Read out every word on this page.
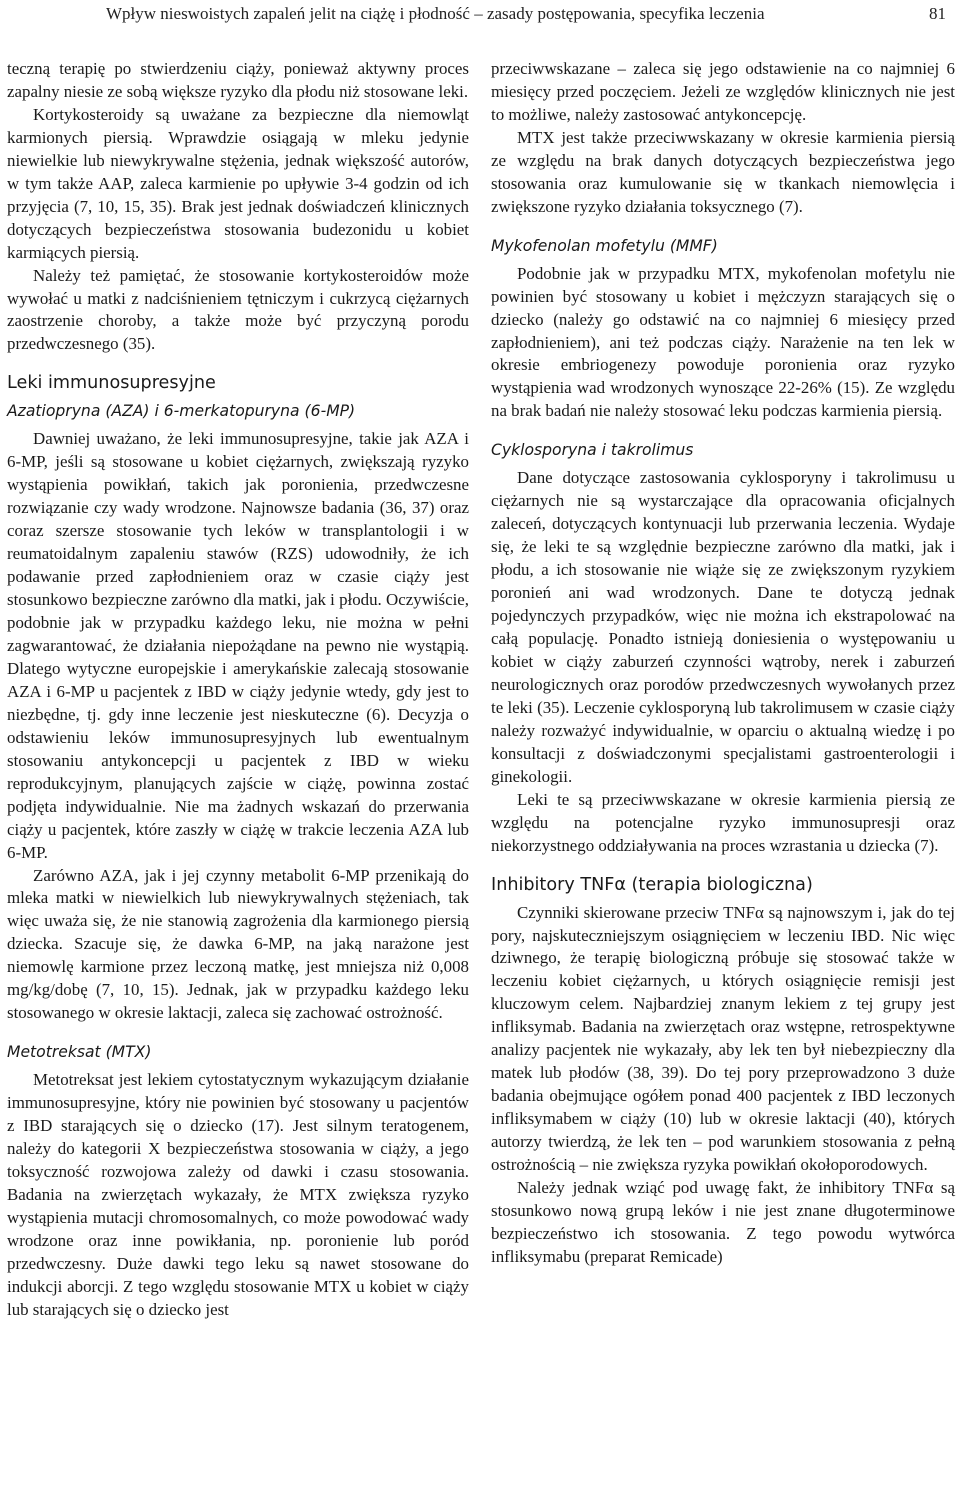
Wpływ nieswoistych zapaleń jelit na ciążę i płodność – zasady postępowania, specyfika leczenia	81

teczną terapię po stwierdzeniu ciąży, ponieważ aktywny proces zapalny niesie ze sobą większe ryzyko dla płodu niż stosowane leki.

Kortykosteroidy są uważane za bezpieczne dla niemowląt karmionych piersią. Wprawdzie osiągają w mleku jedynie niewielkie lub niewykrywalne stężenia, jednak większość autorów, w tym także AAP, zaleca karmienie po upływie 3-4 godzin od ich przyjęcia (7, 10, 15, 35). Brak jest jednak doświadczeń klinicznych dotyczących bezpieczeństwa stosowania budezonidu u kobiet karmiących piersią.

Należy też pamiętać, że stosowanie kortykosteroidów może wywołać u matki z nadciśnieniem tętniczym i cukrzycą ciężarnych zaostrzenie choroby, a także może być przyczyną porodu przedwczesnego (35).

Leki immunosupresyjne
Azatiopryna (AZA) i 6-merkatopuryna (6-MP)

Dawniej uważano, że leki immunosupresyjne, takie jak AZA i 6-MP, jeśli są stosowane u kobiet ciężarnych, zwiększają ryzyko wystąpienia powikłań, takich jak poronienia, przedwczesne rozwiązanie czy wady wrodzone. Najnowsze badania (36, 37) oraz coraz szersze stosowanie tych leków w transplantologii i w reumatoidalnym zapaleniu stawów (RZS) udowodniły, że ich podawanie przed zapłodnieniem oraz w czasie ciąży jest stosunkowo bezpieczne zarówno dla matki, jak i płodu. Oczywiście, podobnie jak w przypadku każdego leku, nie można w pełni zagwarantować, że działania niepożądane na pewno nie wystąpią. Dlatego wytyczne europejskie i amerykańskie zalecają stosowanie AZA i 6-MP u pacjentek z IBD w ciąży jedynie wtedy, gdy jest to niezbędne, tj. gdy inne leczenie jest nieskuteczne (6). Decyzja o odstawieniu leków immunosupresyjnych lub ewentualnym stosowaniu antykoncepcji u pacjentek z IBD w wieku reprodukcyjnym, planujących zajście w ciążę, powinna zostać podjęta indywidualnie. Nie ma żadnych wskazań do przerwania ciąży u pacjentek, które zaszły w ciążę w trakcie leczenia AZA lub 6-MP.

Zarówno AZA, jak i jej czynny metabolit 6-MP przenikają do mleka matki w niewielkich lub niewykrywalnych stężeniach, tak więc uważa się, że nie stanowią zagrożenia dla karmionego piersią dziecka. Szacuje się, że dawka 6-MP, na jaką narażone jest niemowlę karmione przez leczoną matkę, jest mniejsza niż 0,008 mg/kg/dobę (7, 10, 15). Jednak, jak w przypadku każdego leku stosowanego w okresie laktacji, zaleca się zachować ostrożność.

Metotreksat (MTX)

Metotreksat jest lekiem cytostatycznym wykazującym działanie immunosupresyjne, który nie powinien być stosowany u pacjentów z IBD starających się o dziecko (17). Jest silnym teratogenem, należy do kategorii X bezpieczeństwa stosowania w ciąży, a jego toksyczność rozwojowa zależy od dawki i czasu stosowania. Badania na zwierzętach wykazały, że MTX zwiększa ryzyko wystąpienia mutacji chromosomalnych, co może powodować wady wrodzone oraz inne powikłania, np. poronienie lub poród przedwczesny. Duże dawki tego leku są nawet stosowane do indukcji aborcji. Z tego względu stosowanie MTX u kobiet w ciąży lub starających się o dziecko jest

przeciwwskazane – zaleca się jego odstawienie na co najmniej 6 miesięcy przed poczęciem. Jeżeli ze względów klinicznych nie jest to możliwe, należy zastosować antykoncepcję.

MTX jest także przeciwwskazany w okresie karmienia piersią ze względu na brak danych dotyczących bezpieczeństwa jego stosowania oraz kumulowanie się w tkankach niemowlęcia i zwiększone ryzyko działania toksycznego (7).

Mykofenolan mofetylu (MMF)

Podobnie jak w przypadku MTX, mykofenolan mofetylu nie powinien być stosowany u kobiet i mężczyzn starających się o dziecko (należy go odstawić na co najmniej 6 miesięcy przed zapłodnieniem), ani też podczas ciąży. Narażenie na ten lek w okresie embriogenezy powoduje poronienia oraz ryzyko wystąpienia wad wrodzonych wynoszące 22-26% (15). Ze względu na brak badań nie należy stosować leku podczas karmienia piersią.

Cyklosporyna i takrolimus

Dane dotyczące zastosowania cyklosporyny i takrolimusu u ciężarnych nie są wystarczające dla opracowania oficjalnych zaleceń, dotyczących kontynuacji lub przerwania leczenia. Wydaje się, że leki te są względnie bezpieczne zarówno dla matki, jak i płodu, a ich stosowanie nie wiąże się ze zwiększonym ryzykiem poronień ani wad wrodzonych. Dane te dotyczą jednak pojedynczych przypadków, więc nie można ich ekstrapolować na całą populację. Ponadto istnieją doniesienia o występowaniu u kobiet w ciąży zaburzeń czynności wątroby, nerek i zaburzeń neurologicznych oraz porodów przedwczesnych wywołanych przez te leki (35). Leczenie cyklosporyną lub takrolimusem w czasie ciąży należy rozważyć indywidualnie, w oparciu o aktualną wiedzę i po konsultacji z doświadczonymi specjalistami gastroenterologii i ginekologii.

Leki te są przeciwwskazane w okresie karmienia piersią ze względu na potencjalne ryzyko immunosupresji oraz niekorzystnego oddziaływania na proces wzrastania u dziecka (7).

Inhibitory TNFα (terapia biologiczna)

Czynniki skierowane przeciw TNFα są najnowszym i, jak do tej pory, najskuteczniejszym osiągnięciem w leczeniu IBD. Nic więc dziwnego, że terapię biologiczną próbuje się stosować także w leczeniu kobiet ciężarnych, u których osiągnięcie remisji jest kluczowym celem. Najbardziej znanym lekiem z tej grupy jest infliksymab. Badania na zwierzętach oraz wstępne, retrospektywne analizy pacjentek nie wykazały, aby lek ten był niebezpieczny dla matek lub płodów (38, 39). Do tej pory przeprowadzono 3 duże badania obejmujące ogółem ponad 400 pacjentek z IBD leczonych infliksymabem w ciąży (10) lub w okresie laktacji (40), których autorzy twierdzą, że lek ten – pod warunkiem stosowania z pełną ostrożnością – nie zwiększa ryzyka powikłań okołoporodowych.

Należy jednak wziąć pod uwagę fakt, że inhibitory TNFα są stosunkowo nową grupą leków i nie jest znane długoterminowe bezpieczeństwo ich stosowania. Z tego powodu wytwórca infliksymabu (preparat Remicade)
